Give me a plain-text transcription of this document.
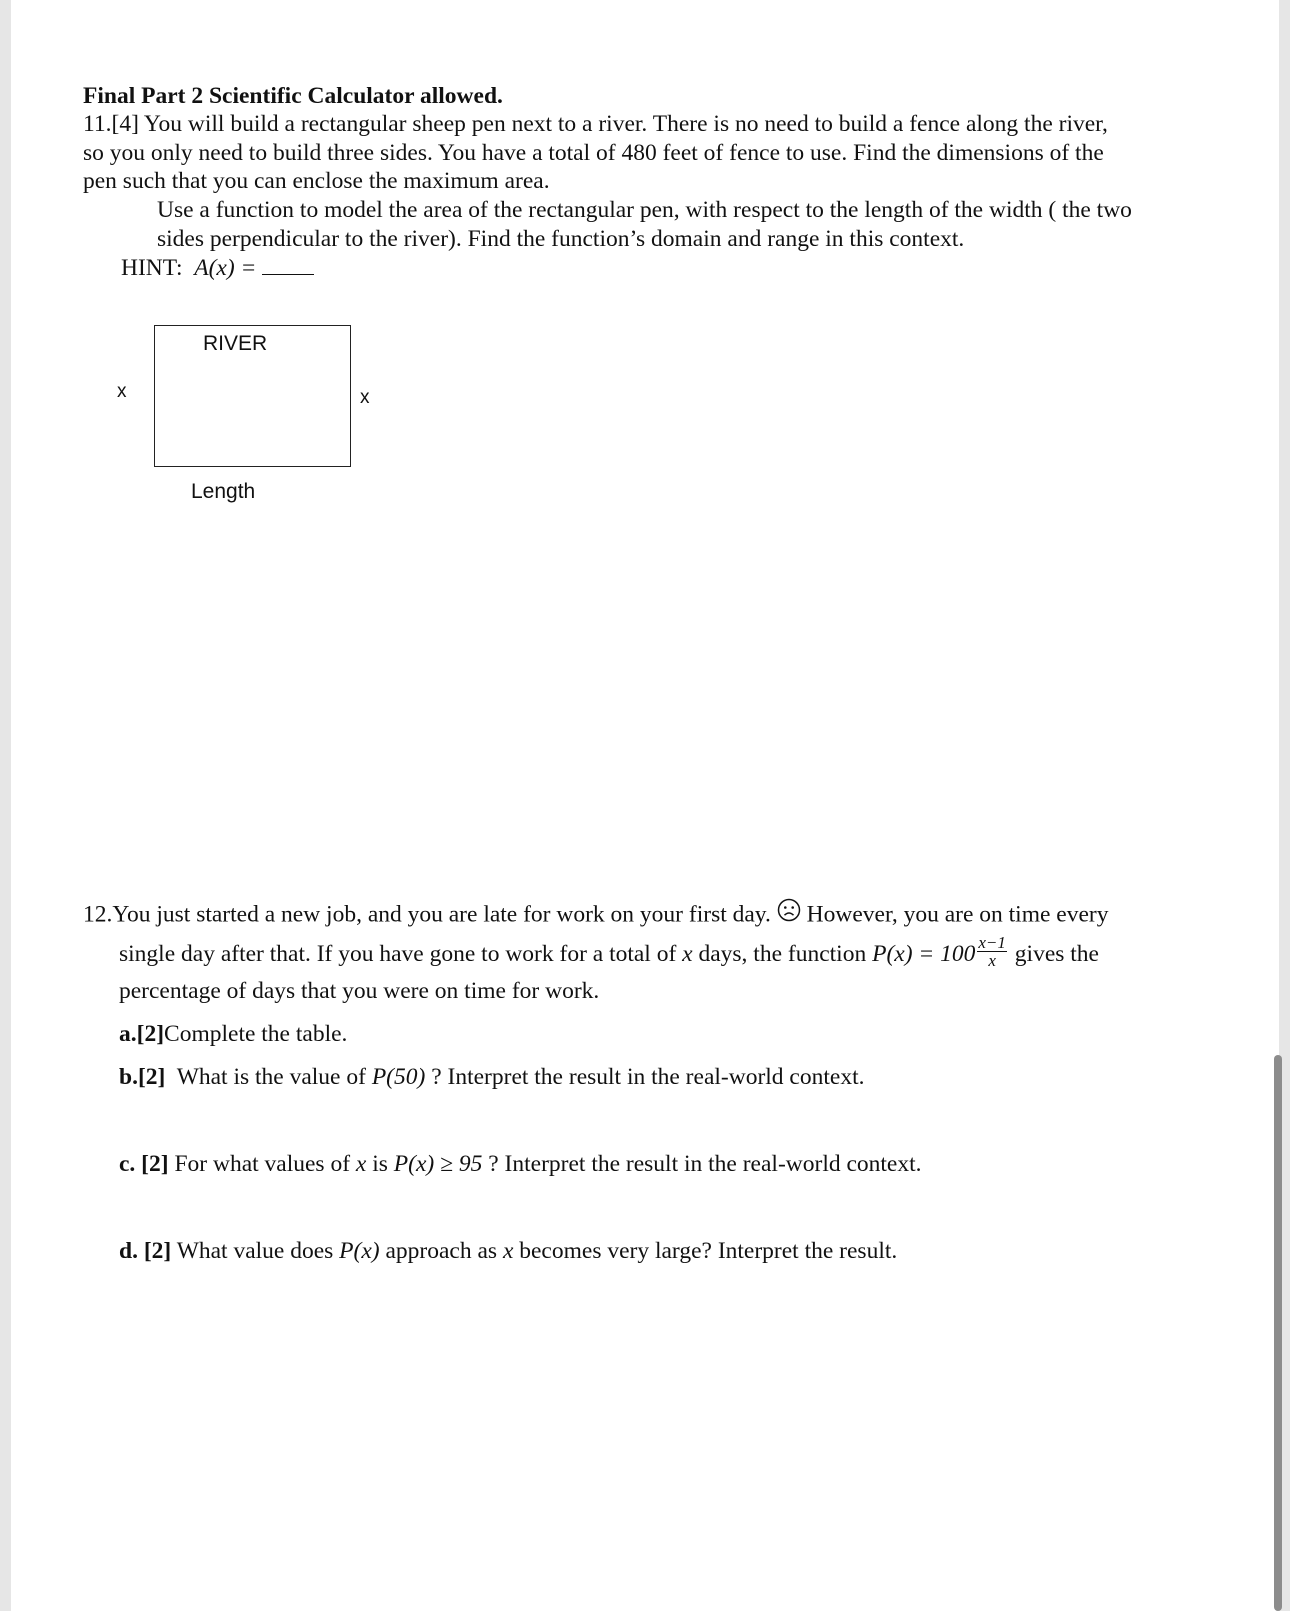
Final Part 2 Scientific Calculator allowed.
11.[4] You will build a rectangular sheep pen next to a river. There is no need to build a fence along the river,
so you only need to build three sides. You have a total of 480 feet of fence to use. Find the dimensions of the
pen such that you can enclose the maximum area.
Use a function to model the area of the rectangular pen, with respect to the length of the width ( the two
sides perpendicular to the river). Find the function’s domain and range in this context.
HINT: A(x) =
RIVER
x	x
Length
12.You just started a new job, and you are late for work on your first day. However, you are on time every
single day after that. If you have gone to work for a total of x days, the function $P(x) = 100 \frac{x-1}{x}$ gives the
percentage of days that you were on time for work.
a.[2]Complete the table.
b.[2] What is the value of P(50) ? Interpret the result in the real-world context.
c. [2] For what values of x is P(x) ≥ 95 ? Interpret the result in the real-world context.
d. [2] What value does P(x) approach as x becomes very large? Interpret the result.
